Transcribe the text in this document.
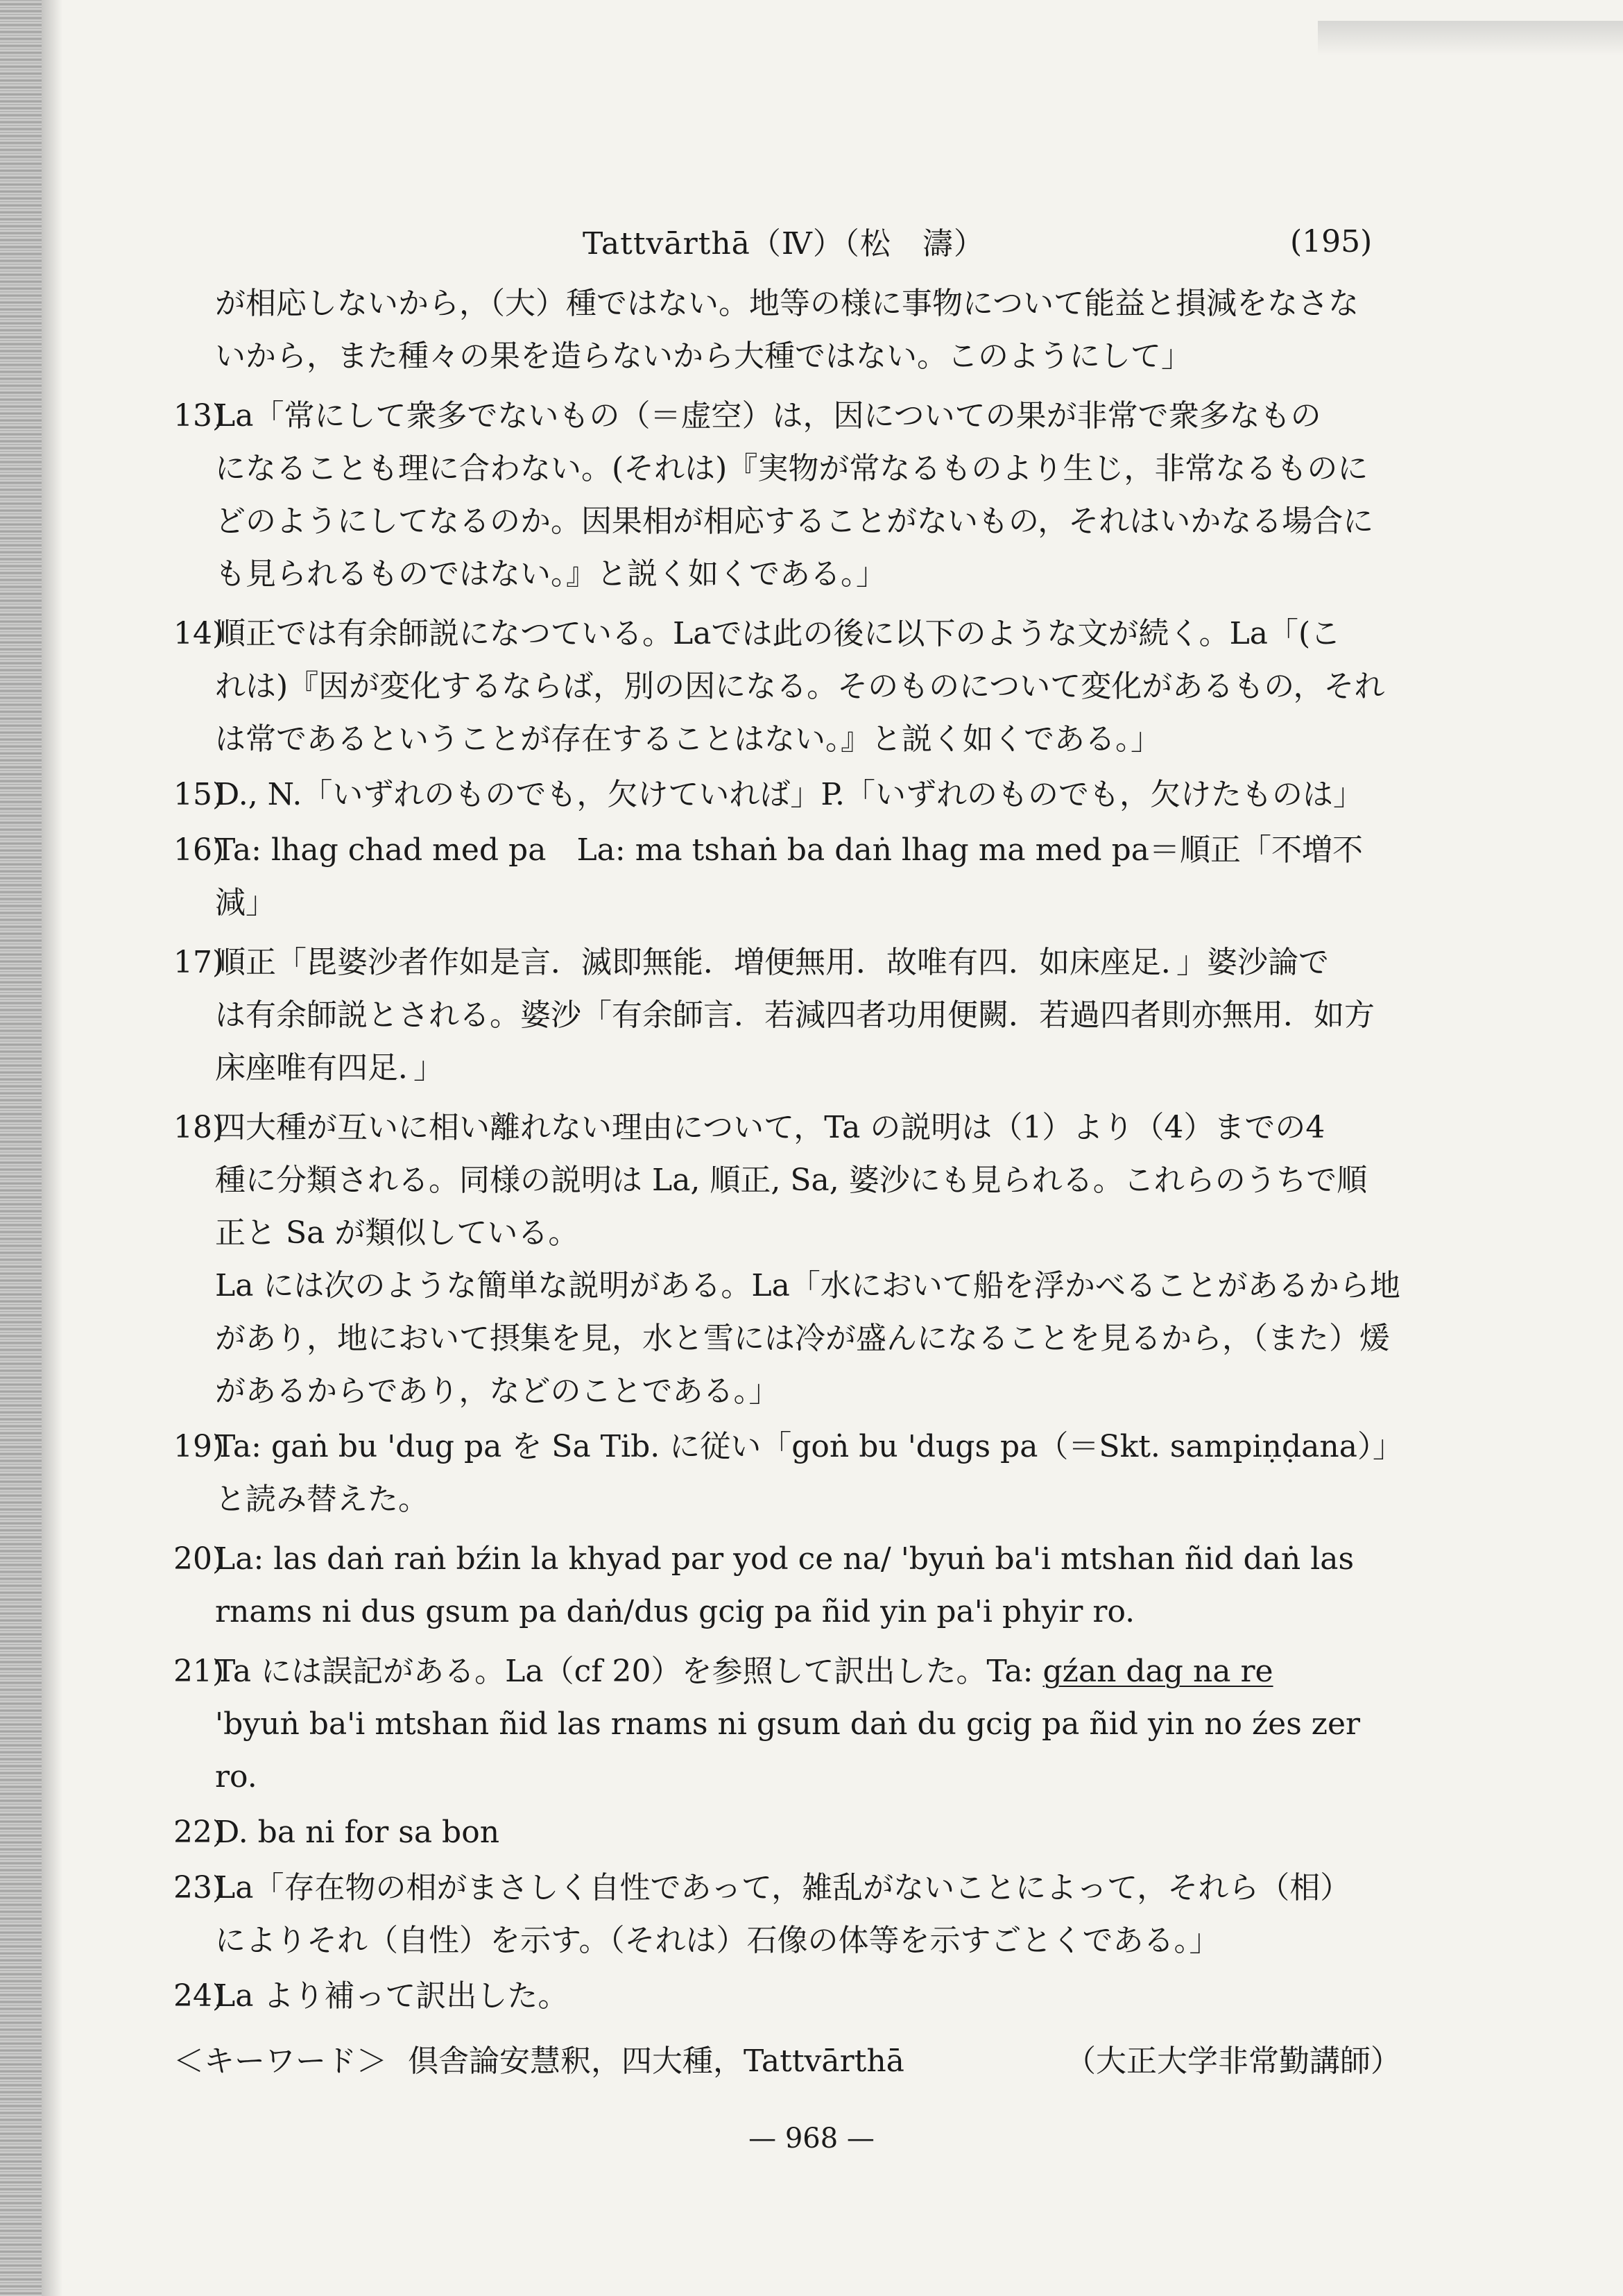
Tattvārthā（Ⅳ）（松　濤）	(195)

が相応しないから，（大）種ではない。地等の様に事物について能益と損減をなさな

いから，また種々の果を造らないから大種ではない。このようにして」

13)La「常にして衆多でないもの（＝虚空）は，因についての果が非常で衆多なもの

になることも理に合わない。(それは)『実物が常なるものより生じ，非常なるものに

どのようにしてなるのか。因果相が相応することがないもの，それはいかなる場合に

も見られるものではない。』と説く如くである。」

14)順正では有余師説になつている。Laでは此の後に以下のような文が続く。La「(こ

れは)『因が変化するならば，別の因になる。そのものについて変化があるもの，それ

は常であるということが存在することはない。』と説く如くである。」

15)D., N.「いずれのものでも，欠けていれば」P.「いずれのものでも，欠けたものは」

16)Ta: lhag chad med pa　La: ma tshaṅ ba daṅ lhag ma med pa＝順正「不増不

減」

17)順正「毘婆沙者作如是言．滅即無能．増便無用．故唯有四．如床座足．」婆沙論で

は有余師説とされる。婆沙「有余師言．若減四者功用便闕．若過四者則亦無用．如方

床座唯有四足．」

18)四大種が互いに相い離れない理由について，Ta の説明は（1）より（4）までの4

種に分類される。同様の説明は La, 順正, Sa, 婆沙にも見られる。これらのうちで順

正と Sa が類似している。

La には次のような簡単な説明がある。La「水において船を浮かべることがあるから地

があり，地において摂集を見，水と雪には冷が盛んになることを見るから，（また）煖

があるからであり，などのことである。」

19)Ta: gaṅ bu 'dug pa を Sa Tib. に従い「goṅ bu 'dugs pa（＝Skt. sampiṇḍana）」

と読み替えた。

20)La: las daṅ raṅ bźin la khyad par yod ce na/ 'byuṅ ba'i mtshan ñid daṅ las

rnams ni dus gsum pa daṅ/dus gcig pa ñid yin pa'i phyir ro.

21)Ta には誤記がある。La（cf 20）を参照して訳出した。Ta: gźan dag na re

'byuṅ ba'i mtshan ñid las rnams ni gsum daṅ du gcig pa ñid yin no źes zer ro.

22)D. ba ni for sa bon

23)La「存在物の相がまさしく自性であって，雑乱がないことによって，それら（相）

によりそれ（自性）を示す。（それは）石像の体等を示すごとくである。」

24)La より補って訳出した。

＜キーワード＞ 倶舎論安慧釈，四大種，Tattvārthā	（大正大学非常勤講師）
— 968 —
